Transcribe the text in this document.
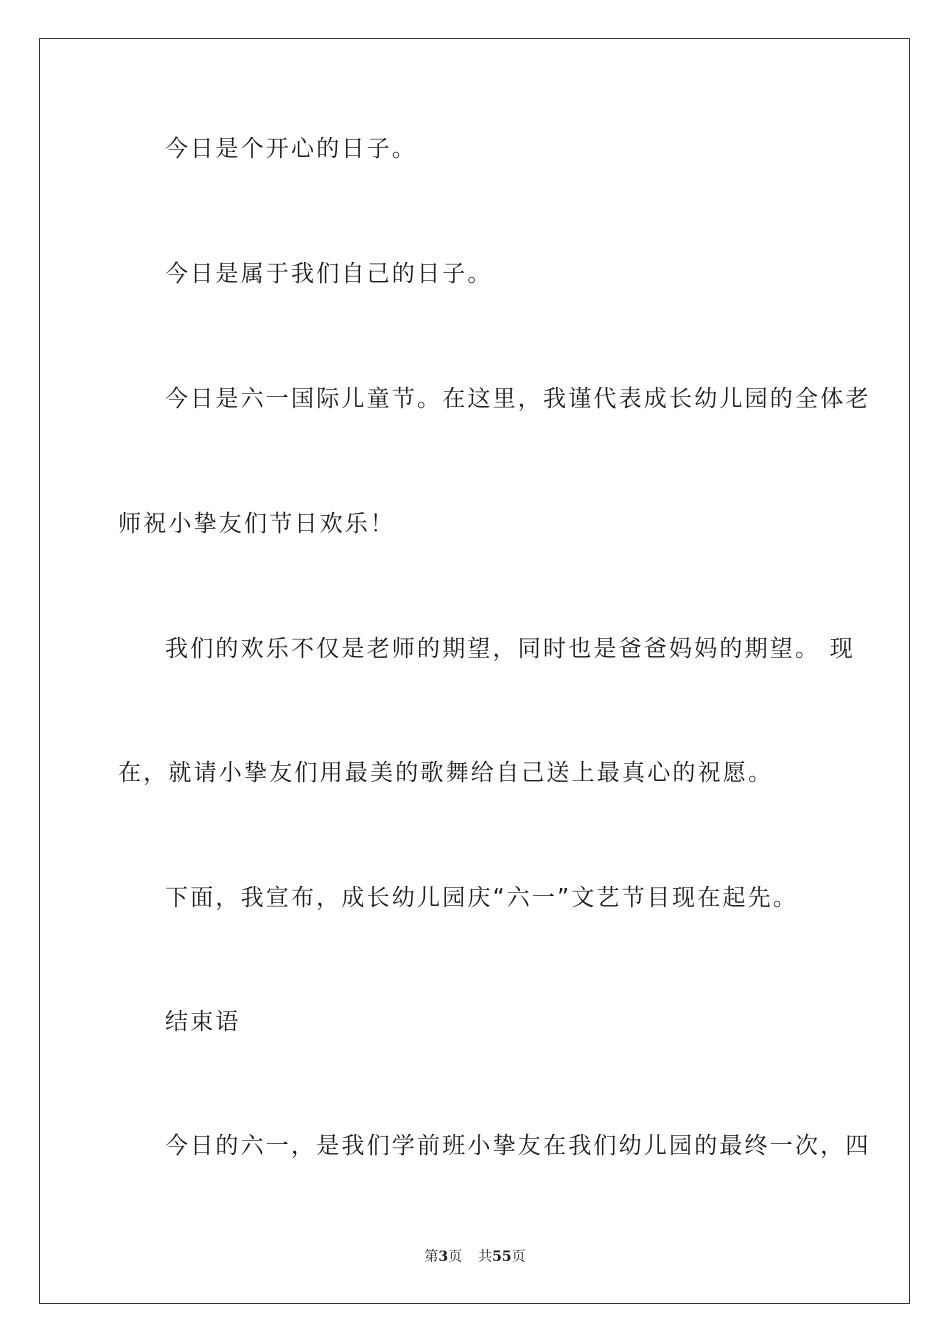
今日是个开心的日子。
今日是属于我们自己的日子。
今日是六一国际儿童节。在这里，我谨代表成长幼儿园的全体老
师祝小挚友们节日欢乐！
我们的欢乐不仅是老师的期望，同时也是爸爸妈妈的期望。 现
在，就请小挚友们用最美的歌舞给自己送上最真心的祝愿。
下面，我宣布，成长幼儿园庆“六一”文艺节目现在起先。
结束语
今日的六一，是我们学前班小挚友在我们幼儿园的最终一次，四
第3页 共55页
